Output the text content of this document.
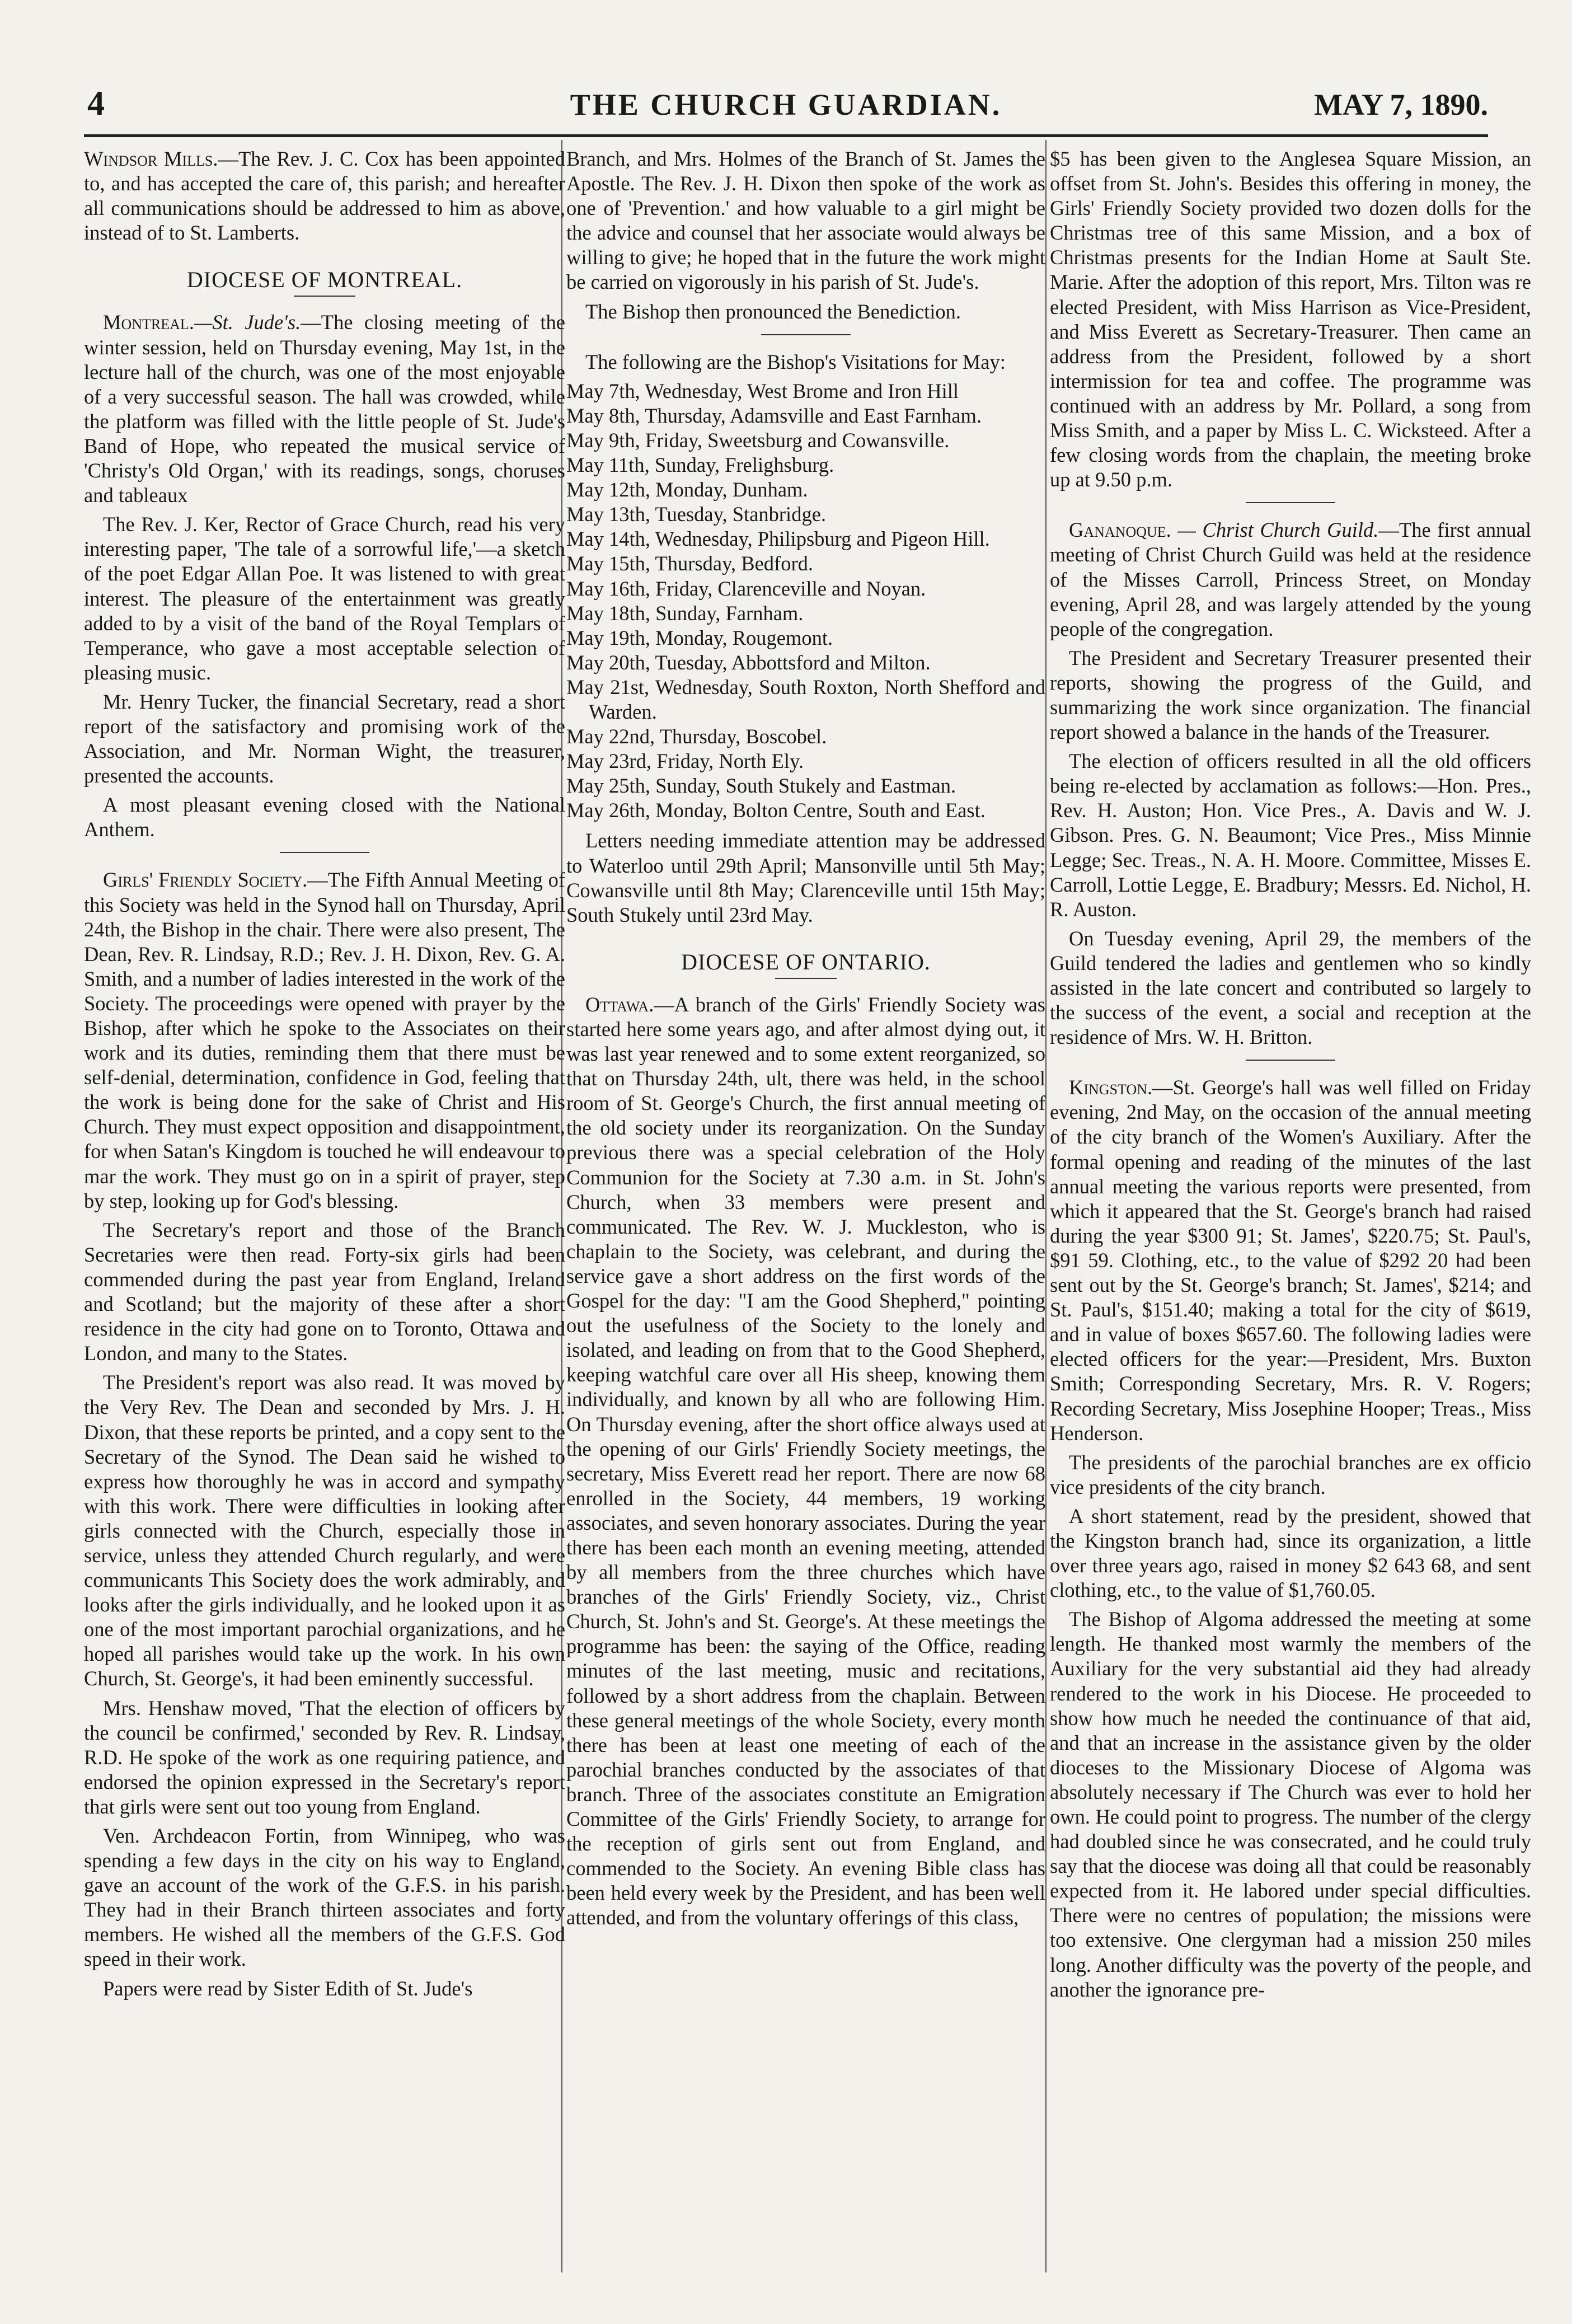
4	THE CHURCH GUARDIAN.	MAY 7, 1890.

Windsor Mills.—The Rev. J. C. Cox has been appointed to, and has accepted the care of, this parish; and hereafter all communications should be addressed to him as above, instead of to St. Lamberts.

DIOCESE OF MONTREAL.

Montreal.—St. Jude's.—The closing meeting of the winter session, held on Thursday evening, May 1st, in the lecture hall of the church, was one of the most enjoyable of a very successful season. The hall was crowded, while the platform was filled with the little people of St. Jude's Band of Hope, who repeated the musical service of 'Christy's Old Organ,' with its readings, songs, choruses and tableaux

The Rev. J. Ker, Rector of Grace Church, read his very interesting paper, 'The tale of a sorrowful life,'—a sketch of the poet Edgar Allan Poe. It was listened to with great interest. The pleasure of the entertainment was greatly added to by a visit of the band of the Royal Templars of Temperance, who gave a most acceptable selection of pleasing music.

Mr. Henry Tucker, the financial Secretary, read a short report of the satisfactory and promising work of the Association, and Mr. Norman Wight, the treasurer, presented the accounts.

A most pleasant evening closed with the National Anthem.

Girls' Friendly Society.—The Fifth Annual Meeting of this Society was held in the Synod hall on Thursday, April 24th, the Bishop in the chair. There were also present, The Dean, Rev. R. Lindsay, R.D.; Rev. J. H. Dixon, Rev. G. A. Smith, and a number of ladies interested in the work of the Society. The proceedings were opened with prayer by the Bishop, after which he spoke to the Associates on their work and its duties, reminding them that there must be self-denial, determination, confidence in God, feeling that the work is being done for the sake of Christ and His Church. They must expect opposition and disappointment, for when Satan's Kingdom is touched he will endeavour to mar the work. They must go on in a spirit of prayer, step by step, looking up for God's blessing.

The Secretary's report and those of the Branch Secretaries were then read. Forty-six girls had been commended during the past year from England, Ireland and Scotland; but the majority of these after a short residence in the city had gone on to Toronto, Ottawa and London, and many to the States.

The President's report was also read. It was moved by the Very Rev. The Dean and seconded by Mrs. J. H. Dixon, that these reports be printed, and a copy sent to the Secretary of the Synod. The Dean said he wished to express how thoroughly he was in accord and sympathy with this work. There were difficulties in looking after girls connected with the Church, especially those in service, unless they attended Church regularly, and were communicants This Society does the work admirably, and looks after the girls individually, and he looked upon it as one of the most important parochial organizations, and he hoped all parishes would take up the work. In his own Church, St. George's, it had been eminently successful.

Mrs. Henshaw moved, 'That the election of officers by the council be confirmed,' seconded by Rev. R. Lindsay, R.D. He spoke of the work as one requiring patience, and endorsed the opinion expressed in the Secretary's report that girls were sent out too young from England.

Ven. Archdeacon Fortin, from Winnipeg, who was spending a few days in the city on his way to England, gave an account of the work of the G.F.S. in his parish. They had in their Branch thirteen associates and forty members. He wished all the members of the G.F.S. God speed in their work.

Papers were read by Sister Edith of St. Jude's

Branch, and Mrs. Holmes of the Branch of St. James the Apostle. The Rev. J. H. Dixon then spoke of the work as one of 'Prevention.' and how valuable to a girl might be the advice and counsel that her associate would always be willing to give; he hoped that in the future the work might be carried on vigorously in his parish of St. Jude's.

The Bishop then pronounced the Benediction.

The following are the Bishop's Visitations for May:

May 7th, Wednesday, West Brome and Iron Hill

May 8th, Thursday, Adamsville and East Farnham.

May 9th, Friday, Sweetsburg and Cowansville.

May 11th, Sunday, Frelighsburg.

May 12th, Monday, Dunham.

May 13th, Tuesday, Stanbridge.

May 14th, Wednesday, Philipsburg and Pigeon Hill.

May 15th, Thursday, Bedford.

May 16th, Friday, Clarenceville and Noyan.

May 18th, Sunday, Farnham.

May 19th, Monday, Rougemont.

May 20th, Tuesday, Abbottsford and Milton.

May 21st, Wednesday, South Roxton, North Shefford and Warden.

May 22nd, Thursday, Boscobel.

May 23rd, Friday, North Ely.

May 25th, Sunday, South Stukely and Eastman.

May 26th, Monday, Bolton Centre, South and East.

Letters needing immediate attention may be addressed to Waterloo until 29th April; Mansonville until 5th May; Cowansville until 8th May; Clarenceville until 15th May; South Stukely until 23rd May.

DIOCESE OF ONTARIO.

Ottawa.—A branch of the Girls' Friendly Society was started here some years ago, and after almost dying out, it was last year renewed and to some extent reorganized, so that on Thursday 24th, ult, there was held, in the school room of St. George's Church, the first annual meeting of the old society under its reorganization. On the Sunday previous there was a special celebration of the Holy Communion for the Society at 7.30 a.m. in St. John's Church, when 33 members were present and communicated. The Rev. W. J. Muckleston, who is chaplain to the Society, was celebrant, and during the service gave a short address on the first words of the Gospel for the day: "I am the Good Shepherd," pointing out the usefulness of the Society to the lonely and isolated, and leading on from that to the Good Shepherd, keeping watchful care over all His sheep, knowing them individually, and known by all who are following Him. On Thursday evening, after the short office always used at the opening of our Girls' Friendly Society meetings, the secretary, Miss Everett read her report. There are now 68 enrolled in the Society, 44 members, 19 working associates, and seven honorary associates. During the year there has been each month an evening meeting, attended by all members from the three churches which have branches of the Girls' Friendly Society, viz., Christ Church, St. John's and St. George's. At these meetings the programme has been: the saying of the Office, reading minutes of the last meeting, music and recitations, followed by a short address from the chaplain. Between these general meetings of the whole Society, every month there has been at least one meeting of each of the parochial branches conducted by the associates of that branch. Three of the associates constitute an Emigration Committee of the Girls' Friendly Society, to arrange for the reception of girls sent out from England, and commended to the Society. An evening Bible class has been held every week by the President, and has been well attended, and from the voluntary offerings of this class,

$5 has been given to the Anglesea Square Mission, an offset from St. John's. Besides this offering in money, the Girls' Friendly Society provided two dozen dolls for the Christmas tree of this same Mission, and a box of Christmas presents for the Indian Home at Sault Ste. Marie. After the adoption of this report, Mrs. Tilton was re elected President, with Miss Harrison as Vice-President, and Miss Everett as Secretary-Treasurer. Then came an address from the President, followed by a short intermission for tea and coffee. The programme was continued with an address by Mr. Pollard, a song from Miss Smith, and a paper by Miss L. C. Wicksteed. After a few closing words from the chaplain, the meeting broke up at 9.50 p.m.

Gananoque. — Christ Church Guild.—The first annual meeting of Christ Church Guild was held at the residence of the Misses Carroll, Princess Street, on Monday evening, April 28, and was largely attended by the young people of the congregation.

The President and Secretary Treasurer presented their reports, showing the progress of the Guild, and summarizing the work since organization. The financial report showed a balance in the hands of the Treasurer.

The election of officers resulted in all the old officers being re-elected by acclamation as follows:—Hon. Pres., Rev. H. Auston; Hon. Vice Pres., A. Davis and W. J. Gibson. Pres. G. N. Beaumont; Vice Pres., Miss Minnie Legge; Sec. Treas., N. A. H. Moore. Committee, Misses E. Carroll, Lottie Legge, E. Bradbury; Messrs. Ed. Nichol, H. R. Auston.

On Tuesday evening, April 29, the members of the Guild tendered the ladies and gentlemen who so kindly assisted in the late concert and contributed so largely to the success of the event, a social and reception at the residence of Mrs. W. H. Britton.

Kingston.—St. George's hall was well filled on Friday evening, 2nd May, on the occasion of the annual meeting of the city branch of the Women's Auxiliary. After the formal opening and reading of the minutes of the last annual meeting the various reports were presented, from which it appeared that the St. George's branch had raised during the year $300 91; St. James', $220.75; St. Paul's, $91 59. Clothing, etc., to the value of $292 20 had been sent out by the St. George's branch; St. James', $214; and St. Paul's, $151.40; making a total for the city of $619, and in value of boxes $657.60. The following ladies were elected officers for the year:—President, Mrs. Buxton Smith; Corresponding Secretary, Mrs. R. V. Rogers; Recording Secretary, Miss Josephine Hooper; Treas., Miss Henderson.

The presidents of the parochial branches are ex officio vice presidents of the city branch.

A short statement, read by the president, showed that the Kingston branch had, since its organization, a little over three years ago, raised in money $2 643 68, and sent clothing, etc., to the value of $1,760.05.

The Bishop of Algoma addressed the meeting at some length. He thanked most warmly the members of the Auxiliary for the very substantial aid they had already rendered to the work in his Diocese. He proceeded to show how much he needed the continuance of that aid, and that an increase in the assistance given by the older dioceses to the Missionary Diocese of Algoma was absolutely necessary if The Church was ever to hold her own. He could point to progress. The number of the clergy had doubled since he was consecrated, and he could truly say that the diocese was doing all that could be reasonably expected from it. He labored under special difficulties. There were no centres of population; the missions were too extensive. One clergyman had a mission 250 miles long. Another difficulty was the poverty of the people, and another the ignorance pre-
